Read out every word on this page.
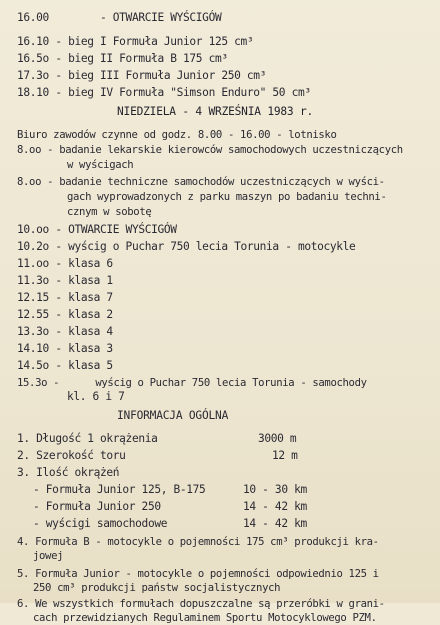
16.00        - OTWARCIE WYŚCIGÓW
16.10 - bieg I Formuła Junior 125 cm³
16.5o - bieg II Formuła B 175 cm³
17.3o - bieg III Formuła Junior 250 cm³
18.10 - bieg IV Formuła "Simson Enduro" 50 cm³
NIEDZIELA - 4 WRZEŚNIA 1983 r.
Biuro zawodów czynne od godz. 8.00 - 16.00 - lotnisko
8.oo - badanie lekarskie kierowców samochodowych uczestniczących
w wyścigach
8.oo - badanie techniczne samochodów uczestniczących w wyści-
gach wyprowadzonych z parku maszyn po badaniu techni-
cznym w sobotę
10.oo - OTWARCIE WYŚCIGÓW
10.2o - wyścig o Puchar 750 lecia Torunia - motocykle
11.oo - klasa 6
11.3o - klasa 1
12.15 - klasa 7
12.55 - klasa 2
13.3o - klasa 4
14.10 - klasa 3
14.5o - klasa 5
15.3o -      wyścig o Puchar 750 lecia Torunia - samochody
kl. 6 i 7
INFORMACJA OGÓLNA
1. Długość 1 okrążenia	3000 m
2. Szerokość toru	12 m
3. Ilość okrążeń
- Formuła Junior 125, B-175	10 - 30 km
- Formuła Junior 250	14 - 42 km
- wyścigi samochodowe	14 - 42 km
4. Formuła B - motocykle o pojemności 175 cm³ produkcji kra-
jowej
5. Formuła Junior - motocykle o pojemności odpowiednio 125 i
250 cm³ produkcji państw socjalistycznych
6. We wszystkich formułach dopuszczalne są przeróbki w grani-
cach przewidzianych Regulaminem Sportu Motocyklowego PZM.
